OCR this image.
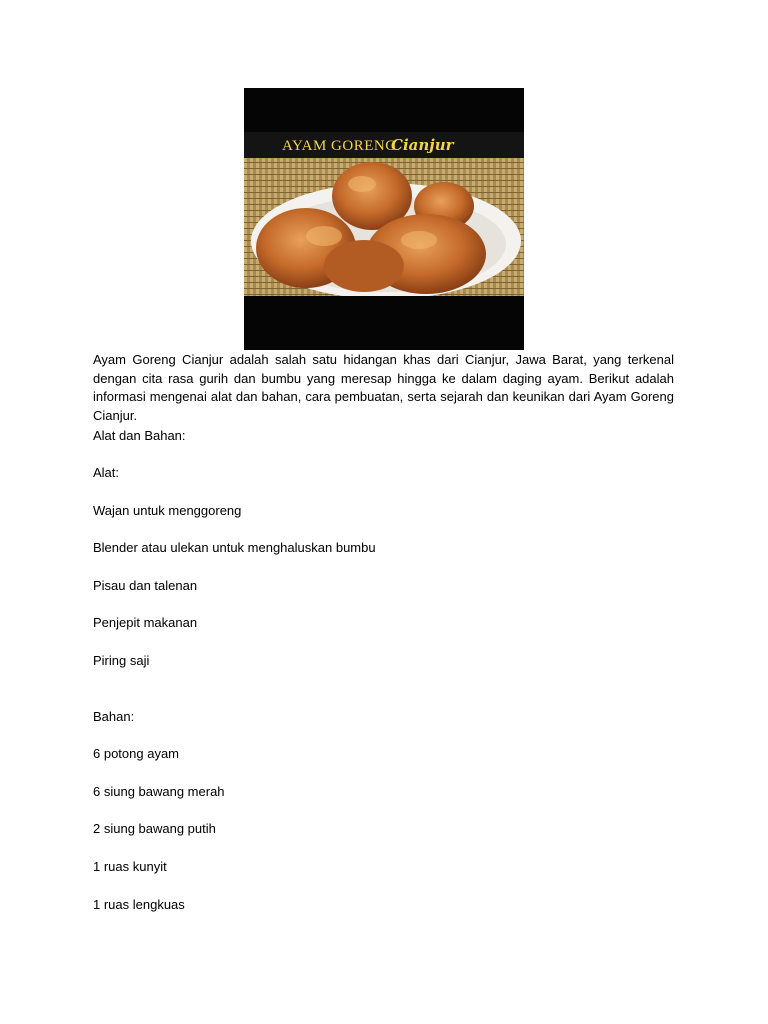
AYAM GORENG
Cianjur

Ayam Goreng Cianjur adalah salah satu hidangan khas dari Cianjur, Jawa Barat, yang terkenal dengan cita rasa gurih dan bumbu yang meresap hingga ke dalam daging ayam. Berikut adalah informasi mengenai alat dan bahan, cara pembuatan, serta sejarah dan keunikan dari Ayam Goreng Cianjur.

Alat dan Bahan:
Alat:
Wajan untuk menggoreng
Blender atau ulekan untuk menghaluskan bumbu
Pisau dan talenan
Penjepit makanan
Piring saji
Bahan:
6 potong ayam
6 siung bawang merah
2 siung bawang putih
1 ruas kunyit
1 ruas lengkuas
